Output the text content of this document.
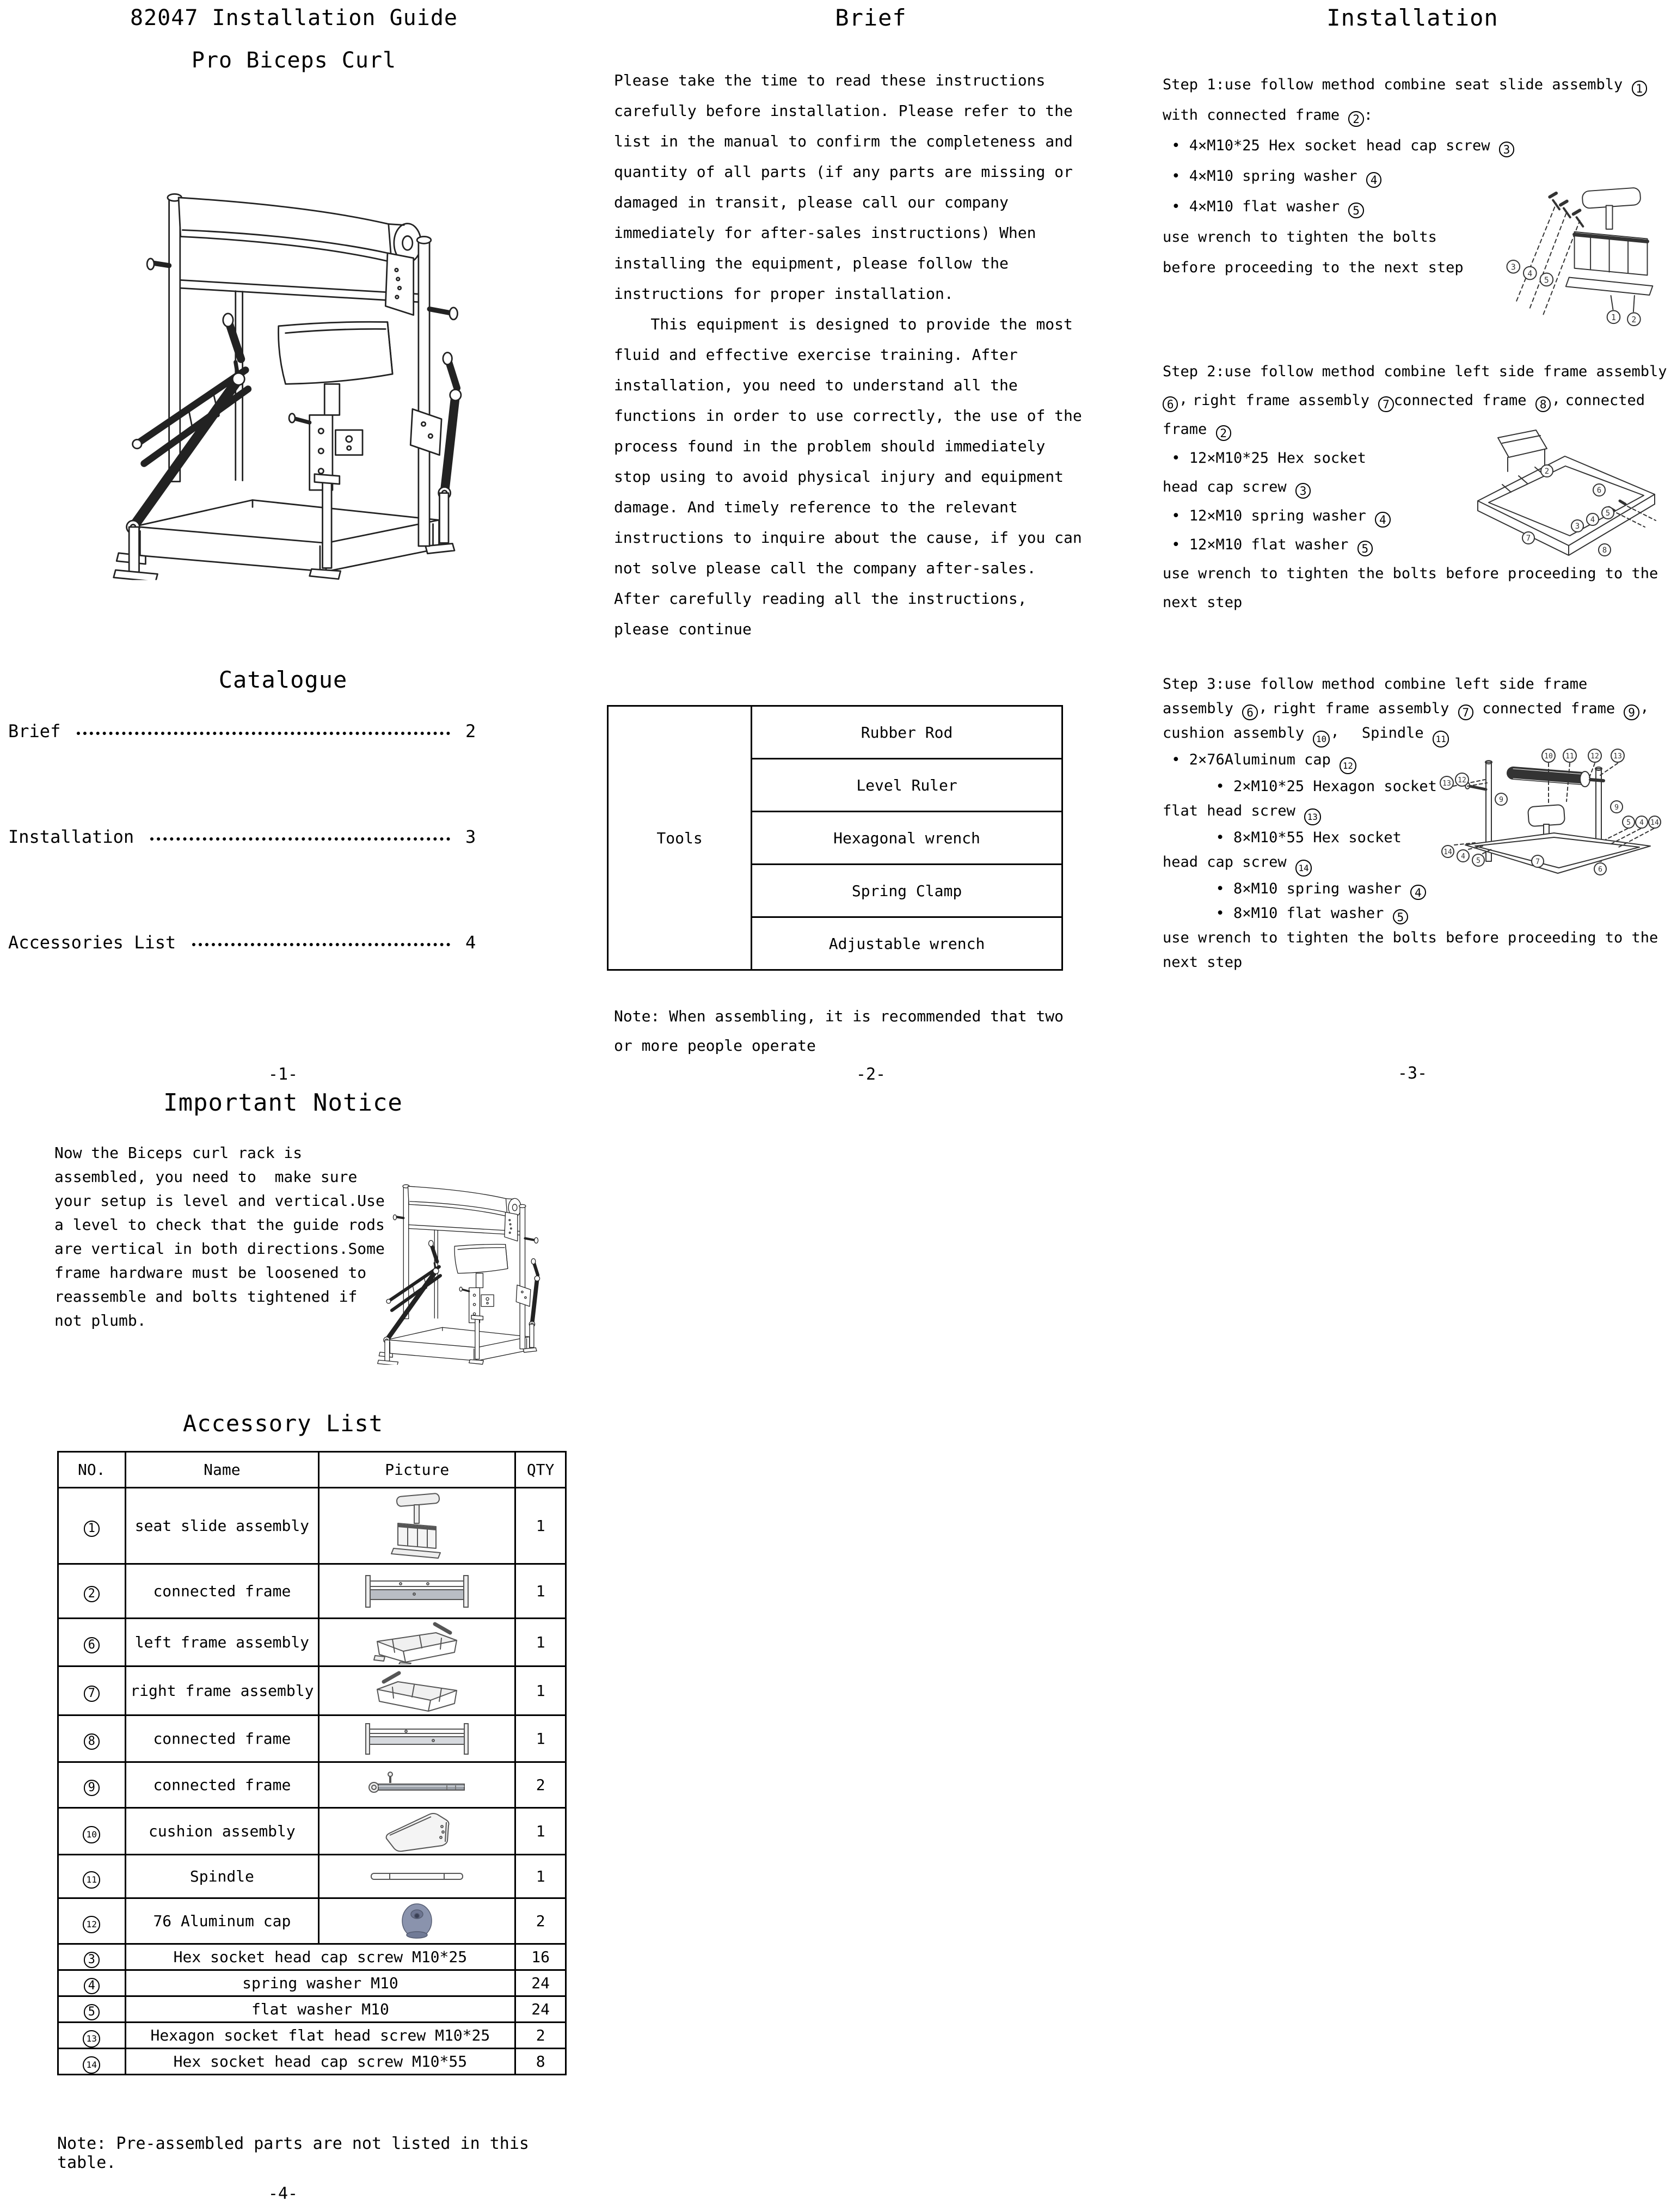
82047 Installation Guide
Pro Biceps Curl
Catalogue
Brief	2
Installation	3
Accessories List	4
-1-
Brief
Please take the time to read these instructions
carefully before installation. Please refer to the
list in the manual to confirm the completeness and
quantity of all parts (if any parts are missing or
damaged in transit, please call our company
immediately for after-sales instructions) When
installing the equipment, please follow the
instructions for proper installation.
This equipment is designed to provide the most
fluid and effective exercise training. After
installation, you need to understand all the
functions in order to use correctly, the use of the
process found in the problem should immediately
stop using to avoid physical injury and equipment
damage. And timely reference to the relevant
instructions to inquire about the cause, if you can
not solve please call the company after-sales.
After carefully reading all the instructions,
please continue
Tools	Rubber Rod
Level Ruler
Hexagonal wrench
Spring Clamp
Adjustable wrench
Note: When assembling, it is recommended that two
or more people operate
-2-
Installation
Step 1:use follow method combine seat slide assembly 1
with connected frame 2 :
• 4×M10*25 Hex socket head cap screw 3
• 4×M10 spring washer 4
• 4×M10 flat washer 5
use wrench to tighten the bolts
before proceeding to the next step	3
4
5
1 2
Step 2:use follow method combine left side frame assembly
6 , right frame assembly 7 connected frame 8 , connected
frame 2
• 12×M10*25 Hex socket
head cap screw 3
• 12×M10 spring washer 4
• 12×M10 flat washer 5
use wrench to tighten the bolts before proceeding to the
next step
2
6
7
3
4
5
8
Step 3:use follow method combine left side frame
assembly 6 , right frame assembly 7 connected frame 9 ,
cushion assembly 10 ,  Spindle 11
• 2×76Aluminum cap 12
• 2×M10*25 Hexagon socket
flat head screw 13
• 8×M10*55 Hex socket
head cap screw 14
• 8×M10 spring washer 4
• 8×M10 flat washer 5
use wrench to tighten the bolts before proceeding to the
next step
10 11 12 13
13 12
9
9
5 4 14
14
4
5	7
6
-3-
Important Notice
Now the Biceps curl rack is
assembled, you need to  make sure
your setup is level and vertical.Use
a level to check that the guide rods
are vertical in both directions.Some
frame hardware must be loosened to
reassemble and bolts tightened if
not plumb.
Accessory List
NO.	Name	Picture	QTY
1	seat slide assembly		1
2	connected frame		1
6	left frame assembly		1
7	right frame assembly		1
8	connected frame		1
9	connected frame		2
10	cushion assembly		1
11	Spindle		1
12	76 Aluminum cap		2
3	Hex socket head cap screw M10*25		16
4	spring washer M10		24
5	flat washer M10		24
13	Hexagon socket flat head screw M10*25		2
14	Hex socket head cap screw M10*55		8
Note: Pre-assembled parts are not listed in this table.
-4-
